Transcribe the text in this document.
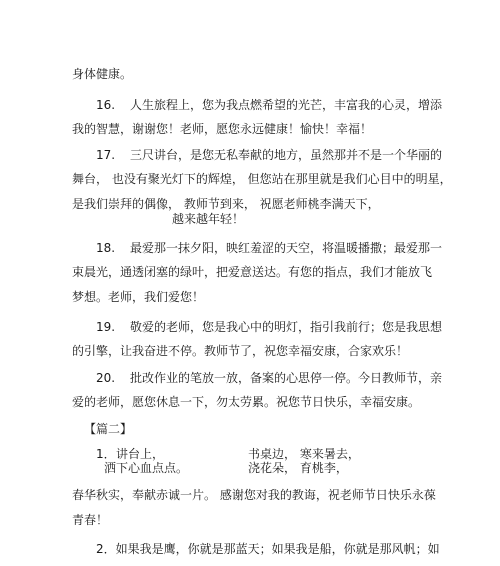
身体健康。

16. 人生旅程上，您为我点燃希望的光芒，丰富我的心灵，增添

我的智慧，谢谢您！老师，愿您永远健康！愉快！幸福！

17. 三尺讲台，是您无私奉献的地方，虽然那并不是一个华丽的

舞台， 也没有聚光灯下的辉煌， 但您站在那里就是我们心目中的明星，

是我们崇拜的偶像， 教师节到来， 祝愿老师桃李满天下，

越来越年轻！

18. 最爱那一抹夕阳，映红羞涩的天空，将温暖播撒；最爱那一

束晨光，通透闭塞的绿叶，把爱意送达。有您的指点，我们才能放飞

梦想。老师，我们爱您！

19. 敬爱的老师，您是我心中的明灯，指引我前行；您是我思想

的引擎，让我奋进不停。教师节了，祝您幸福安康，合家欢乐！

20. 批改作业的笔放一放，备案的心思停一停。今日教师节，亲

爱的老师，愿您休息一下，勿太劳累。祝您节日快乐，幸福安康。

【篇二】

1．讲台上，	书桌边， 寒来暑去，

洒下心血点点。	浇花朵， 育桃李，

春华秋实，奉献赤诚一片。 感谢您对我的教诲，祝老师节日快乐永葆

青春！

2．如果我是鹰，你就是那蓝天；如果我是船，你就是那风帆；如
